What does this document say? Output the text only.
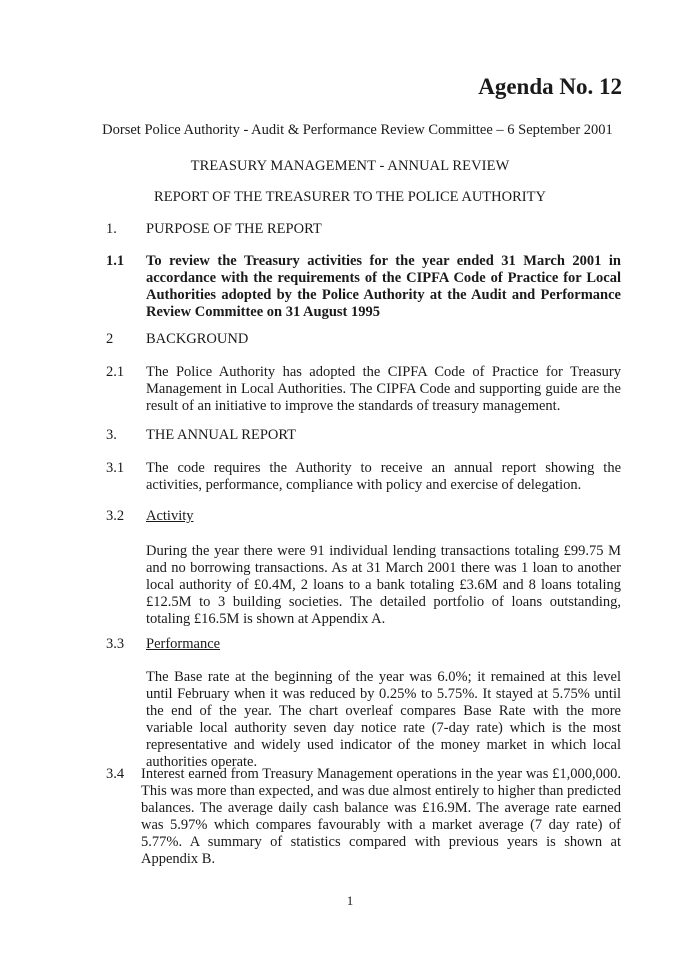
Agenda No. 12
Dorset Police Authority - Audit & Performance Review Committee – 6 September 2001
TREASURY MANAGEMENT - ANNUAL REVIEW
REPORT OF THE TREASURER TO THE POLICE AUTHORITY
1. PURPOSE OF THE REPORT
1.1 To review the Treasury activities for the year ended 31 March 2001 in accordance with the requirements of the CIPFA Code of Practice for Local Authorities adopted by the Police Authority at the Audit and Performance Review Committee on 31 August 1995
2 BACKGROUND
2.1 The Police Authority has adopted the CIPFA Code of Practice for Treasury Management in Local Authorities. The CIPFA Code and supporting guide are the result of an initiative to improve the standards of treasury management.
3. THE ANNUAL REPORT
3.1 The code requires the Authority to receive an annual report showing the activities, performance, compliance with policy and exercise of delegation.
3.2 Activity
During the year there were 91 individual lending transactions totaling £99.75 M and no borrowing transactions. As at 31 March 2001 there was 1 loan to another local authority of £0.4M, 2 loans to a bank totaling £3.6M and 8 loans totaling £12.5M to 3 building societies. The detailed portfolio of loans outstanding, totaling £16.5M is shown at Appendix A.
3.3 Performance
The Base rate at the beginning of the year was 6.0%; it remained at this level until February when it was reduced by 0.25% to 5.75%. It stayed at 5.75% until the end of the year. The chart overleaf compares Base Rate with the more variable local authority seven day notice rate (7-day rate) which is the most representative and widely used indicator of the money market in which local authorities operate.
3.4 Interest earned from Treasury Management operations in the year was £1,000,000. This was more than expected, and was due almost entirely to higher than predicted balances. The average daily cash balance was £16.9M. The average rate earned was 5.97% which compares favourably with a market average (7 day rate) of 5.77%. A summary of statistics compared with previous years is shown at Appendix B.
1
